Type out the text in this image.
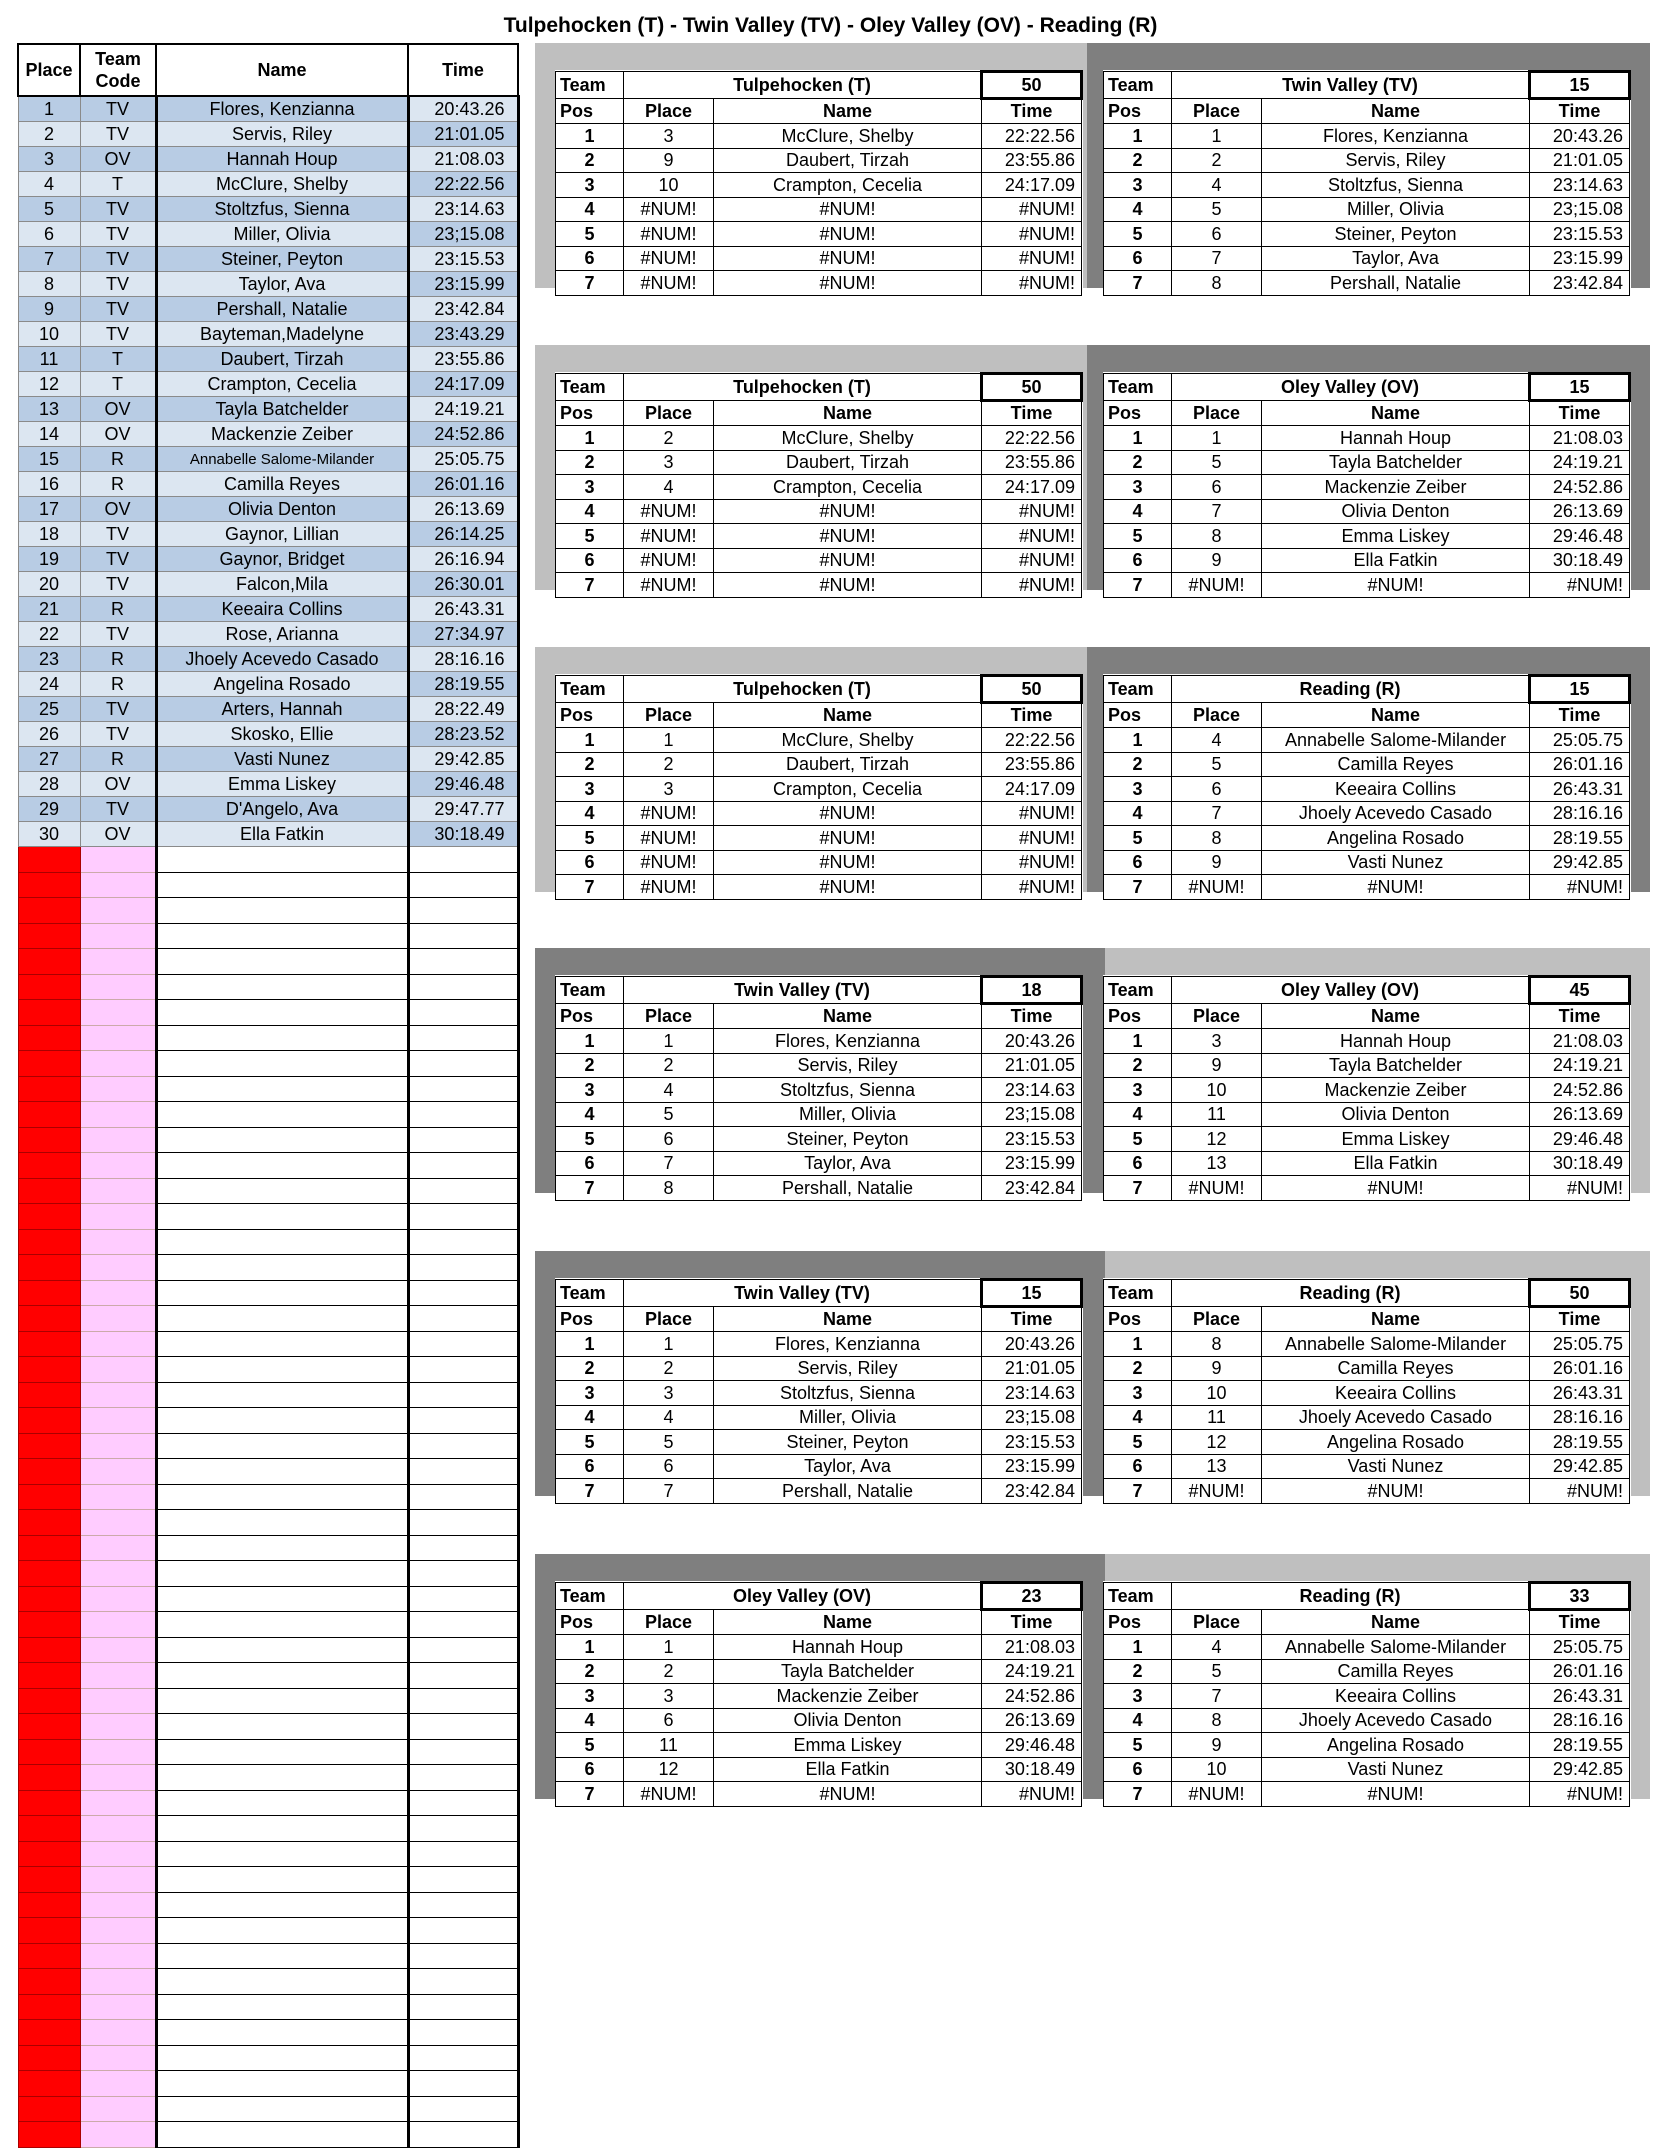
Tulpehocken (T) - Twin Valley (TV) - Oley Valley (OV) - Reading (R)
Place	Team Code	Name	Time

1	TV	Flores, Kenzianna	20:43.26
2	TV	Servis, Riley	21:01.05
3	OV	Hannah Houp	21:08.03
4	T	McClure, Shelby	22:22.56
5	TV	Stoltzfus, Sienna	23:14.63
6	TV	Miller, Olivia	23;15.08
7	TV	Steiner, Peyton	23:15.53
8	TV	Taylor, Ava	23:15.99
9	TV	Pershall, Natalie	23:42.84
10	TV	Bayteman,Madelyne	23:43.29
11	T	Daubert, Tirzah	23:55.86
12	T	Crampton, Cecelia	24:17.09
13	OV	Tayla Batchelder	24:19.21
14	OV	Mackenzie Zeiber	24:52.86
15	R	Annabelle Salome-Milander	25:05.75
16	R	Camilla Reyes	26:01.16
17	OV	Olivia Denton	26:13.69
18	TV	Gaynor, Lillian	26:14.25
19	TV	Gaynor, Bridget	26:16.94
20	TV	Falcon,Mila	26:30.01
21	R	Keeaira Collins	26:43.31
22	TV	Rose, Arianna	27:34.97
23	R	Jhoely Acevedo Casado	28:16.16
24	R	Angelina Rosado	28:19.55
25	TV	Arters, Hannah	28:22.49
26	TV	Skosko, Ellie	28:23.52
27	R	Vasti Nunez	29:42.85
28	OV	Emma Liskey	29:46.48
29	TV	D'Angelo, Ava	29:47.77
30	OV	Ella Fatkin	30:18.49

Team	Tulpehocken (T)		50
Pos	Place	Name	Time
1	3	McClure, Shelby	22:22.56
2	9	Daubert, Tirzah	23:55.86
3	10	Crampton, Cecelia	24:17.09
4	#NUM!	#NUM!	#NUM!
5	#NUM!	#NUM!	#NUM!
6	#NUM!	#NUM!	#NUM!
7	#NUM!	#NUM!	#NUM!
Team	Twin Valley (TV)		15
Pos	Place	Name	Time
1	1	Flores, Kenzianna	20:43.26
2	2	Servis, Riley	21:01.05
3	4	Stoltzfus, Sienna	23:14.63
4	5	Miller, Olivia	23;15.08
5	6	Steiner, Peyton	23:15.53
6	7	Taylor, Ava	23:15.99
7	8	Pershall, Natalie	23:42.84
Team	Tulpehocken (T)		50
Pos	Place	Name	Time
1	2	McClure, Shelby	22:22.56
2	3	Daubert, Tirzah	23:55.86
3	4	Crampton, Cecelia	24:17.09
4	#NUM!	#NUM!	#NUM!
5	#NUM!	#NUM!	#NUM!
6	#NUM!	#NUM!	#NUM!
7	#NUM!	#NUM!	#NUM!
Team	Oley Valley (OV)		15
Pos	Place	Name	Time
1	1	Hannah Houp	21:08.03
2	5	Tayla Batchelder	24:19.21
3	6	Mackenzie Zeiber	24:52.86
4	7	Olivia Denton	26:13.69
5	8	Emma Liskey	29:46.48
6	9	Ella Fatkin	30:18.49
7	#NUM!	#NUM!	#NUM!
Team	Tulpehocken (T)		50
Pos	Place	Name	Time
1	1	McClure, Shelby	22:22.56
2	2	Daubert, Tirzah	23:55.86
3	3	Crampton, Cecelia	24:17.09
4	#NUM!	#NUM!	#NUM!
5	#NUM!	#NUM!	#NUM!
6	#NUM!	#NUM!	#NUM!
7	#NUM!	#NUM!	#NUM!
Team	Reading (R)		15
Pos	Place	Name	Time
1	4	Annabelle Salome-Milander	25:05.75
2	5	Camilla Reyes	26:01.16
3	6	Keeaira Collins	26:43.31
4	7	Jhoely Acevedo Casado	28:16.16
5	8	Angelina Rosado	28:19.55
6	9	Vasti Nunez	29:42.85
7	#NUM!	#NUM!	#NUM!
Team	Twin Valley (TV)		18
Pos	Place	Name	Time
1	1	Flores, Kenzianna	20:43.26
2	2	Servis, Riley	21:01.05
3	4	Stoltzfus, Sienna	23:14.63
4	5	Miller, Olivia	23;15.08
5	6	Steiner, Peyton	23:15.53
6	7	Taylor, Ava	23:15.99
7	8	Pershall, Natalie	23:42.84
Team	Oley Valley (OV)		45
Pos	Place	Name	Time
1	3	Hannah Houp	21:08.03
2	9	Tayla Batchelder	24:19.21
3	10	Mackenzie Zeiber	24:52.86
4	11	Olivia Denton	26:13.69
5	12	Emma Liskey	29:46.48
6	13	Ella Fatkin	30:18.49
7	#NUM!	#NUM!	#NUM!
Team	Twin Valley (TV)		15
Pos	Place	Name	Time
1	1	Flores, Kenzianna	20:43.26
2	2	Servis, Riley	21:01.05
3	3	Stoltzfus, Sienna	23:14.63
4	4	Miller, Olivia	23;15.08
5	5	Steiner, Peyton	23:15.53
6	6	Taylor, Ava	23:15.99
7	7	Pershall, Natalie	23:42.84
Team	Reading (R)		50
Pos	Place	Name	Time
1	8	Annabelle Salome-Milander	25:05.75
2	9	Camilla Reyes	26:01.16
3	10	Keeaira Collins	26:43.31
4	11	Jhoely Acevedo Casado	28:16.16
5	12	Angelina Rosado	28:19.55
6	13	Vasti Nunez	29:42.85
7	#NUM!	#NUM!	#NUM!
Team	Oley Valley (OV)		23
Pos	Place	Name	Time
1	1	Hannah Houp	21:08.03
2	2	Tayla Batchelder	24:19.21
3	3	Mackenzie Zeiber	24:52.86
4	6	Olivia Denton	26:13.69
5	11	Emma Liskey	29:46.48
6	12	Ella Fatkin	30:18.49
7	#NUM!	#NUM!	#NUM!
Team	Reading (R)		33
Pos	Place	Name	Time
1	4	Annabelle Salome-Milander	25:05.75
2	5	Camilla Reyes	26:01.16
3	7	Keeaira Collins	26:43.31
4	8	Jhoely Acevedo Casado	28:16.16
5	9	Angelina Rosado	28:19.55
6	10	Vasti Nunez	29:42.85
7	#NUM!	#NUM!	#NUM!
